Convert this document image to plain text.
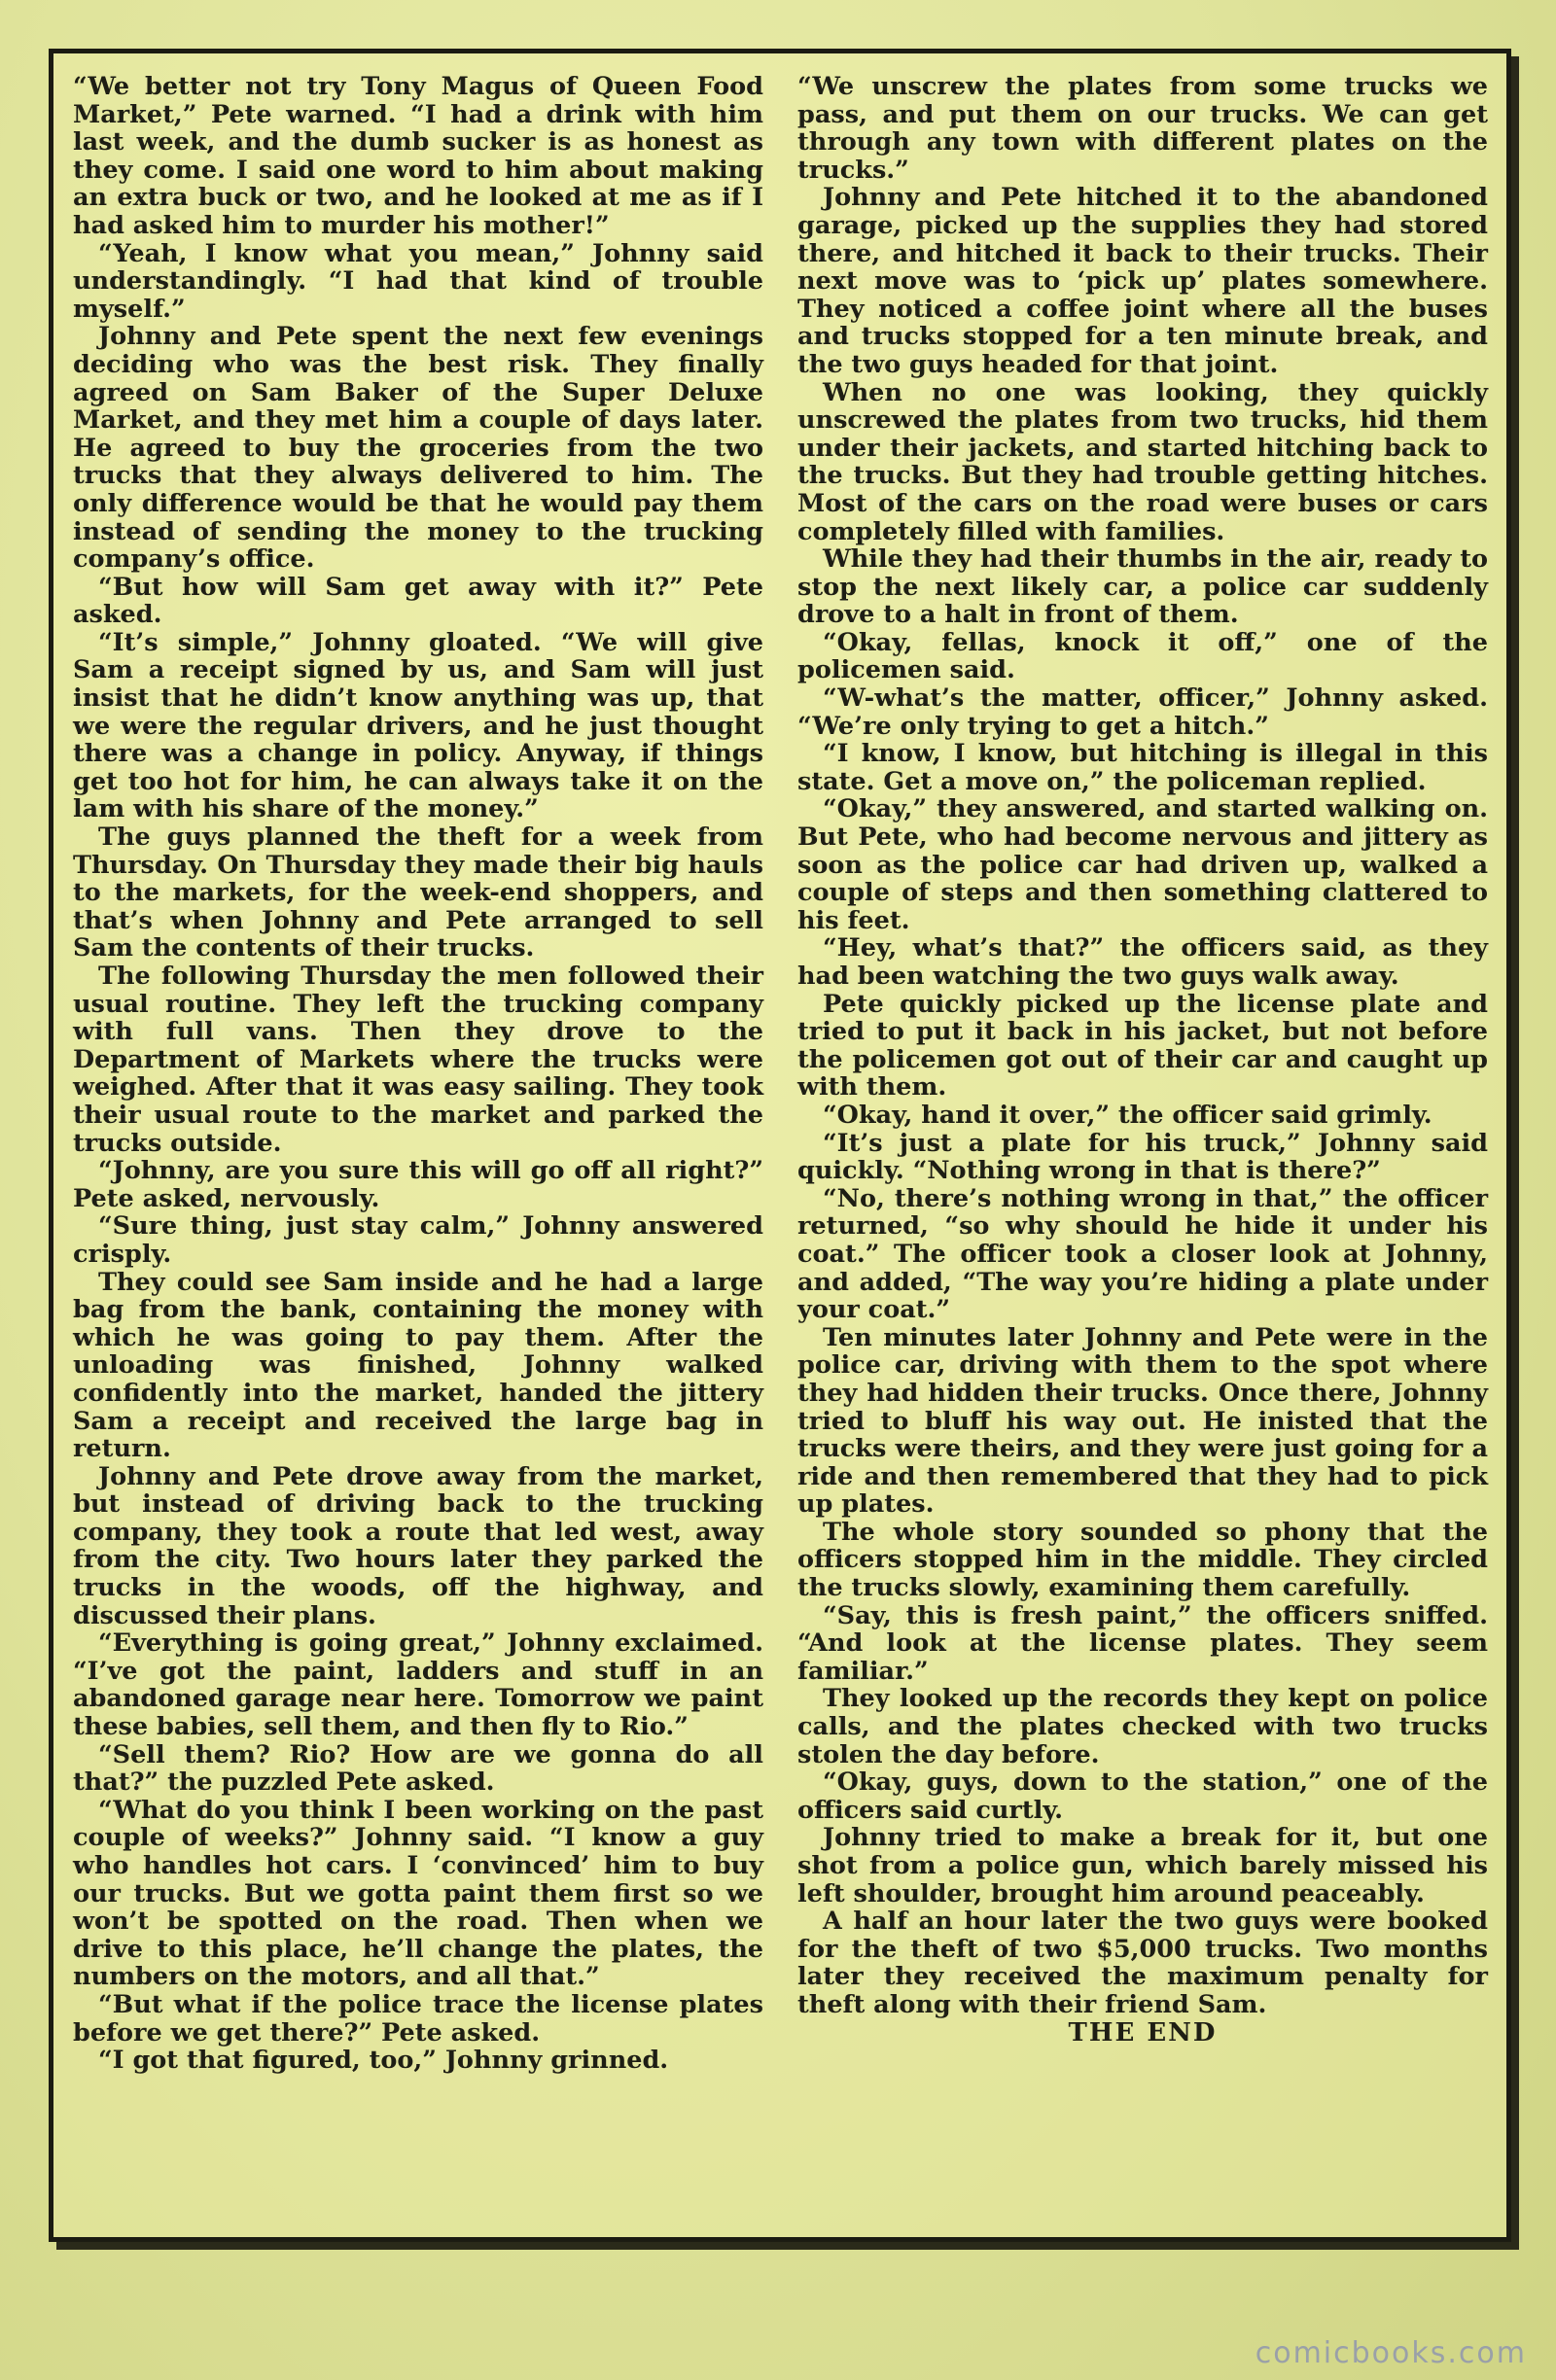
“We better not try Tony Magus of Queen Food Market,” Pete warned. “I had a drink with him last week, and the dumb sucker is as honest as they come. I said one word to him about making an extra buck or two, and he looked at me as if I had asked him to murder his mother!”

“Yeah, I know what you mean,” Johnny said understandingly. “I had that kind of trouble myself.”

Johnny and Pete spent the next few evenings deciding who was the best risk. They finally agreed on Sam Baker of the Super Deluxe Market, and they met him a couple of days later. He agreed to buy the groceries from the two trucks that they always delivered to him. The only difference would be that he would pay them instead of sending the money to the trucking company’s office.

“But how will Sam get away with it?” Pete asked.

“It’s simple,” Johnny gloated. “We will give Sam a receipt signed by us, and Sam will just insist that he didn’t know anything was up, that we were the regular drivers, and he just thought there was a change in policy. Anyway, if things get too hot for him, he can always take it on the lam with his share of the money.”

The guys planned the theft for a week from Thursday. On Thursday they made their big hauls to the markets, for the week-end shoppers, and that’s when Johnny and Pete arranged to sell Sam the contents of their trucks.

The following Thursday the men followed their usual routine. They left the trucking company with full vans. Then they drove to the Department of Markets where the trucks were weighed. After that it was easy sailing. They took their usual route to the market and parked the trucks outside.

“Johnny, are you sure this will go off all right?” Pete asked, nervously.

“Sure thing, just stay calm,” Johnny answered crisply.

They could see Sam inside and he had a large bag from the bank, containing the money with which he was going to pay them. After the unloading was finished, Johnny walked confidently into the market, handed the jittery Sam a receipt and received the large bag in return.

Johnny and Pete drove away from the market, but instead of driving back to the trucking company, they took a route that led west, away from the city. Two hours later they parked the trucks in the woods, off the highway, and discussed their plans.

“Everything is going great,” Johnny exclaimed. “I’ve got the paint, ladders and stuff in an abandoned garage near here. Tomorrow we paint these babies, sell them, and then fly to Rio.”

“Sell them? Rio? How are we gonna do all that?” the puzzled Pete asked.

“What do you think I been working on the past couple of weeks?” Johnny said. “I know a guy who handles hot cars. I ‘convinced’ him to buy our trucks. But we gotta paint them first so we won’t be spotted on the road. Then when we drive to this place, he’ll change the plates, the numbers on the motors, and all that.”

“But what if the police trace the license plates before we get there?” Pete asked.

“I got that figured, too,” Johnny grinned.

“We unscrew the plates from some trucks we pass, and put them on our trucks. We can get through any town with different plates on the trucks.”

Johnny and Pete hitched it to the abandoned garage, picked up the supplies they had stored there, and hitched it back to their trucks. Their next move was to ‘pick up’ plates somewhere. They noticed a coffee joint where all the buses and trucks stopped for a ten minute break, and the two guys headed for that joint.

When no one was looking, they quickly unscrewed the plates from two trucks, hid them under their jackets, and started hitching back to the trucks. But they had trouble getting hitches. Most of the cars on the road were buses or cars completely filled with families.

While they had their thumbs in the air, ready to stop the next likely car, a police car suddenly drove to a halt in front of them.

“Okay, fellas, knock it off,” one of the policemen said.

“W-what’s the matter, officer,” Johnny asked. “We’re only trying to get a hitch.”

“I know, I know, but hitching is illegal in this state. Get a move on,” the policeman replied.

“Okay,” they answered, and started walking on. But Pete, who had become nervous and jittery as soon as the police car had driven up, walked a couple of steps and then something clattered to his feet.

“Hey, what’s that?” the officers said, as they had been watching the two guys walk away.

Pete quickly picked up the license plate and tried to put it back in his jacket, but not before the policemen got out of their car and caught up with them.

“Okay, hand it over,” the officer said grimly.

“It’s just a plate for his truck,” Johnny said quickly. “Nothing wrong in that is there?”

“No, there’s nothing wrong in that,” the officer returned, “so why should he hide it under his coat.” The officer took a closer look at Johnny, and added, “The way you’re hiding a plate under your coat.”

Ten minutes later Johnny and Pete were in the police car, driving with them to the spot where they had hidden their trucks. Once there, Johnny tried to bluff his way out. He inisted that the trucks were theirs, and they were just going for a ride and then remembered that they had to pick up plates.

The whole story sounded so phony that the officers stopped him in the middle. They circled the trucks slowly, examining them carefully.

“Say, this is fresh paint,” the officers sniffed. “And look at the license plates. They seem familiar.”

They looked up the records they kept on police calls, and the plates checked with two trucks stolen the day before.

“Okay, guys, down to the station,” one of the officers said curtly.

Johnny tried to make a break for it, but one shot from a police gun, which barely missed his left shoulder, brought him around peaceably.

A half an hour later the two guys were booked for the theft of two $5,000 trucks. Two months later they received the maximum penalty for theft along with their friend Sam.

THE END

comicbooks.com
